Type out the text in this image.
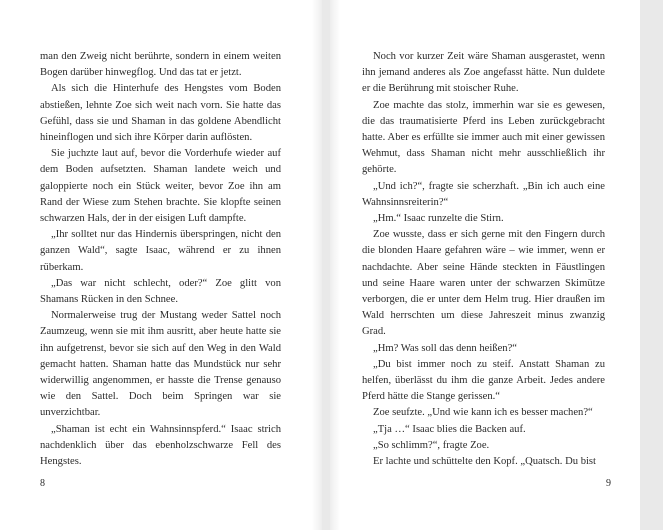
man den Zweig nicht berührte, sondern in einem weiten Bogen darüber hinwegflog. Und das tat er jetzt.

Als sich die Hinterhufe des Hengstes vom Boden abstießen, lehnte Zoe sich weit nach vorn. Sie hatte das Gefühl, dass sie und Shaman in das goldene Abendlicht hineinflogen und sich ihre Körper darin auflösten.

Sie juchzte laut auf, bevor die Vorderhufe wieder auf dem Boden aufsetzten. Shaman landete weich und galoppierte noch ein Stück weiter, bevor Zoe ihn am Rand der Wiese zum Stehen brachte. Sie klopfte seinen schwarzen Hals, der in der eisigen Luft dampfte.

„Ihr solltet nur das Hindernis überspringen, nicht den ganzen Wald“, sagte Isaac, während er zu ihnen rüberkam.

„Das war nicht schlecht, oder?“ Zoe glitt von Shamans Rücken in den Schnee.

Normalerweise trug der Mustang weder Sattel noch Zaumzeug, wenn sie mit ihm ausritt, aber heute hatte sie ihn aufgetrenst, bevor sie sich auf den Weg in den Wald gemacht hatten. Shaman hatte das Mundstück nur sehr widerwillig angenommen, er hasste die Trense genauso wie den Sattel. Doch beim Springen war sie unverzichtbar.

„Shaman ist echt ein Wahnsinnspferd.“ Isaac strich nachdenklich über das ebenholzschwarze Fell des Hengstes.

8

Noch vor kurzer Zeit wäre Shaman ausgerastet, wenn ihn jemand anderes als Zoe angefasst hätte. Nun duldete er die Berührung mit stoischer Ruhe.

Zoe machte das stolz, immerhin war sie es gewesen, die das traumatisierte Pferd ins Leben zurückgebracht hatte. Aber es erfüllte sie immer auch mit einer gewissen Wehmut, dass Shaman nicht mehr ausschließlich ihr gehörte.

„Und ich?“, fragte sie scherzhaft. „Bin ich auch eine Wahnsinnsreiterin?“

„Hm.“ Isaac runzelte die Stirn.

Zoe wusste, dass er sich gerne mit den Fingern durch die blonden Haare gefahren wäre – wie immer, wenn er nachdachte. Aber seine Hände steckten in Fäustlingen und seine Haare waren unter der schwarzen Skimütze verborgen, die er unter dem Helm trug. Hier draußen im Wald herrschten um diese Jahreszeit minus zwanzig Grad.

„Hm? Was soll das denn heißen?“

„Du bist immer noch zu steif. Anstatt Shaman zu helfen, überlässt du ihm die ganze Arbeit. Jedes andere Pferd hätte die Stange gerissen.“

Zoe seufzte. „Und wie kann ich es besser machen?“

„Tja …“ Isaac blies die Backen auf.

„So schlimm?“, fragte Zoe.

Er lachte und schüttelte den Kopf. „Quatsch. Du bist

9
